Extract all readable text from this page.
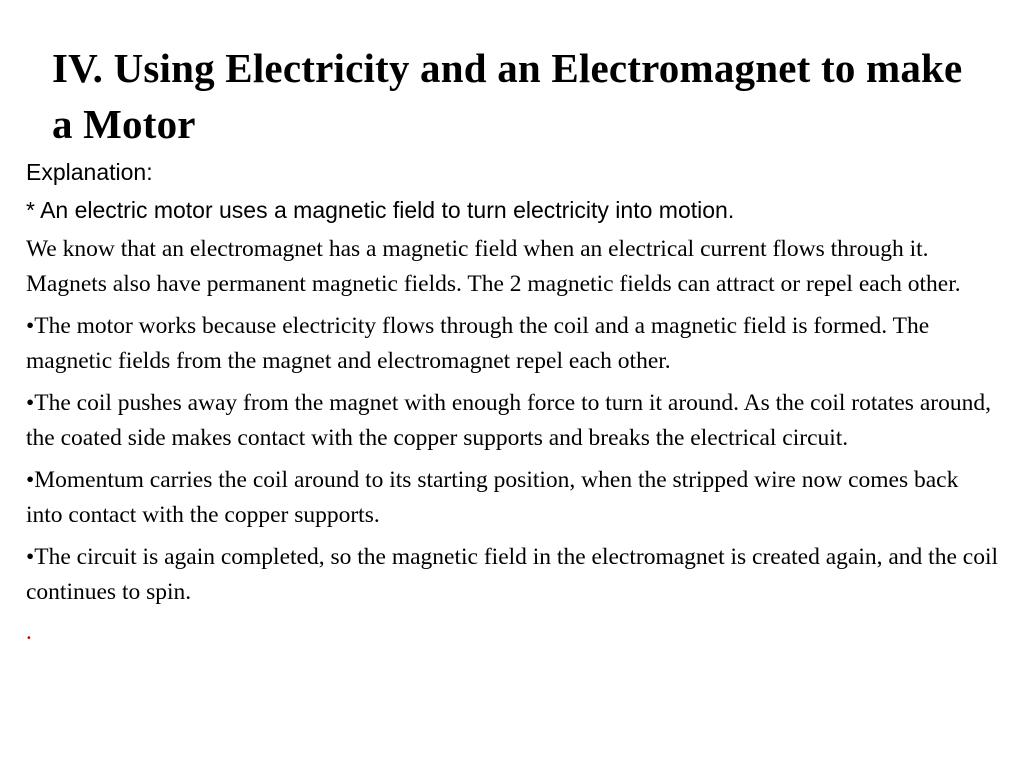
IV. Using Electricity and an Electromagnet to make a Motor

Explanation:

* An electric motor uses a magnetic field to turn electricity into motion.

We know that an electromagnet has a magnetic field when an electrical current flows through it. Magnets also have permanent magnetic fields. The 2 magnetic fields can attract or repel each other.

•The motor works because electricity flows through the coil and a magnetic field is formed. The magnetic fields from the magnet and electromagnet repel each other.

•The coil pushes away from the magnet with enough force to turn it around. As the coil rotates around, the coated side makes contact with the copper supports and breaks the electrical circuit.

•Momentum carries the coil around to its starting position, when the stripped wire now comes back into contact with the copper supports.

•The circuit is again completed, so the magnetic field in the electromagnet is created again, and the coil continues to spin.

.
